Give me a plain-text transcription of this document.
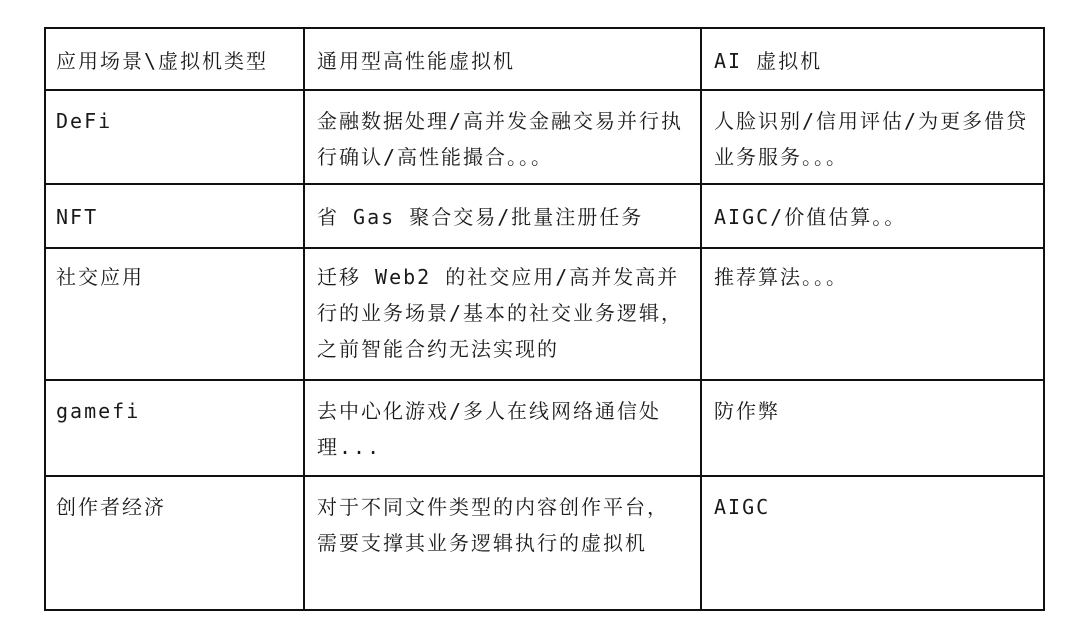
应用场景\虚拟机类型	通用型高性能虚拟机	AI 虚拟机

DeFi	金融数据处理/高并发金融交易并行执行确认/高性能撮合。。。	人脸识别/信用评估/为更多借贷业务服务。。。

NFT	省 Gas 聚合交易/批量注册任务	AIGC/价值估算。。

社交应用	迁移 Web2 的社交应用/高并发高并行的业务场景/基本的社交业务逻辑，之前智能合约无法实现的	推荐算法。。。

gamefi	去中心化游戏/多人在线网络通信处理...	防作弊

创作者经济	对于不同文件类型的内容创作平台，需要支撑其业务逻辑执行的虚拟机	AIGC
